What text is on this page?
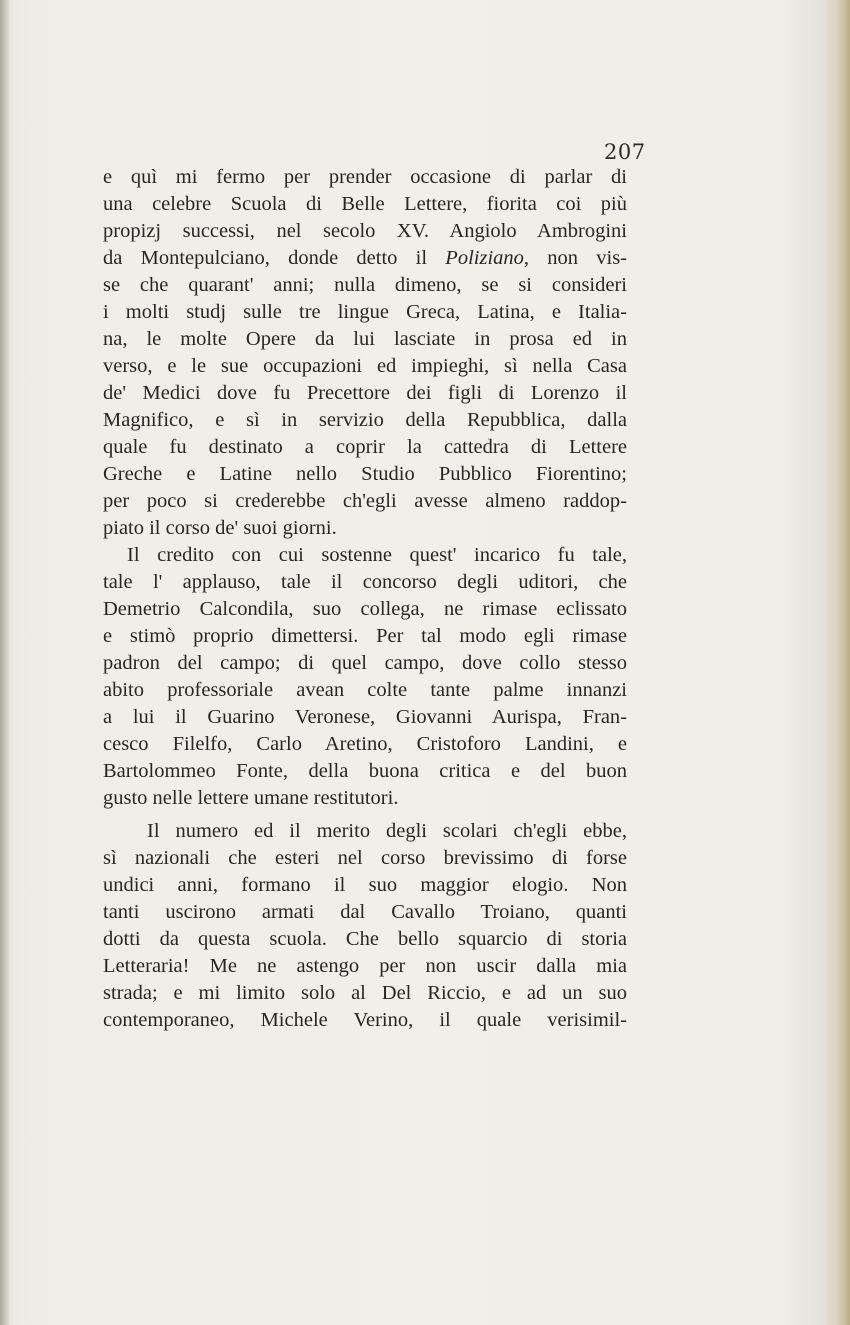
207
e quì mi fermo per prender occasione di parlar di
una celebre Scuola di Belle Lettere, fiorita coi più
propizj successi, nel secolo XV. Angiolo Ambrogini
da Montepulciano, donde detto il Poliziano, non vis-
se che quarant' anni; nulla dimeno, se si consideri
i molti studj sulle tre lingue Greca, Latina, e Italia-
na, le molte Opere da lui lasciate in prosa ed in
verso, e le sue occupazioni ed impieghi, sì nella Casa
de' Medici dove fu Precettore dei figli di Lorenzo il
Magnifico, e sì in servizio della Repubblica, dalla
quale fu destinato a coprir la cattedra di Lettere
Greche e Latine nello Studio Pubblico Fiorentino;
per poco si crederebbe ch'egli avesse almeno raddop-
piato il corso de' suoi giorni.
Il credito con cui sostenne quest' incarico fu tale,
tale l' applauso, tale il concorso degli uditori, che
Demetrio Calcondila, suo collega, ne rimase eclissato
e stimò proprio dimettersi. Per tal modo egli rimase
padron del campo; di quel campo, dove collo stesso
abito professoriale avean colte tante palme innanzi
a lui il Guarino Veronese, Giovanni Aurispa, Fran-
cesco Filelfo, Carlo Aretino, Cristoforo Landini, e
Bartolommeo Fonte, della buona critica e del buon
gusto nelle lettere umane restitutori.
Il numero ed il merito degli scolari ch'egli ebbe,
sì nazionali che esteri nel corso brevissimo di forse
undici anni, formano il suo maggior elogio. Non
tanti uscirono armati dal Cavallo Troiano, quanti
dotti da questa scuola. Che bello squarcio di storia
Letteraria! Me ne astengo per non uscir dalla mia
strada; e mi limito solo al Del Riccio, e ad un suo
contemporaneo, Michele Verino, il quale verisimil-
